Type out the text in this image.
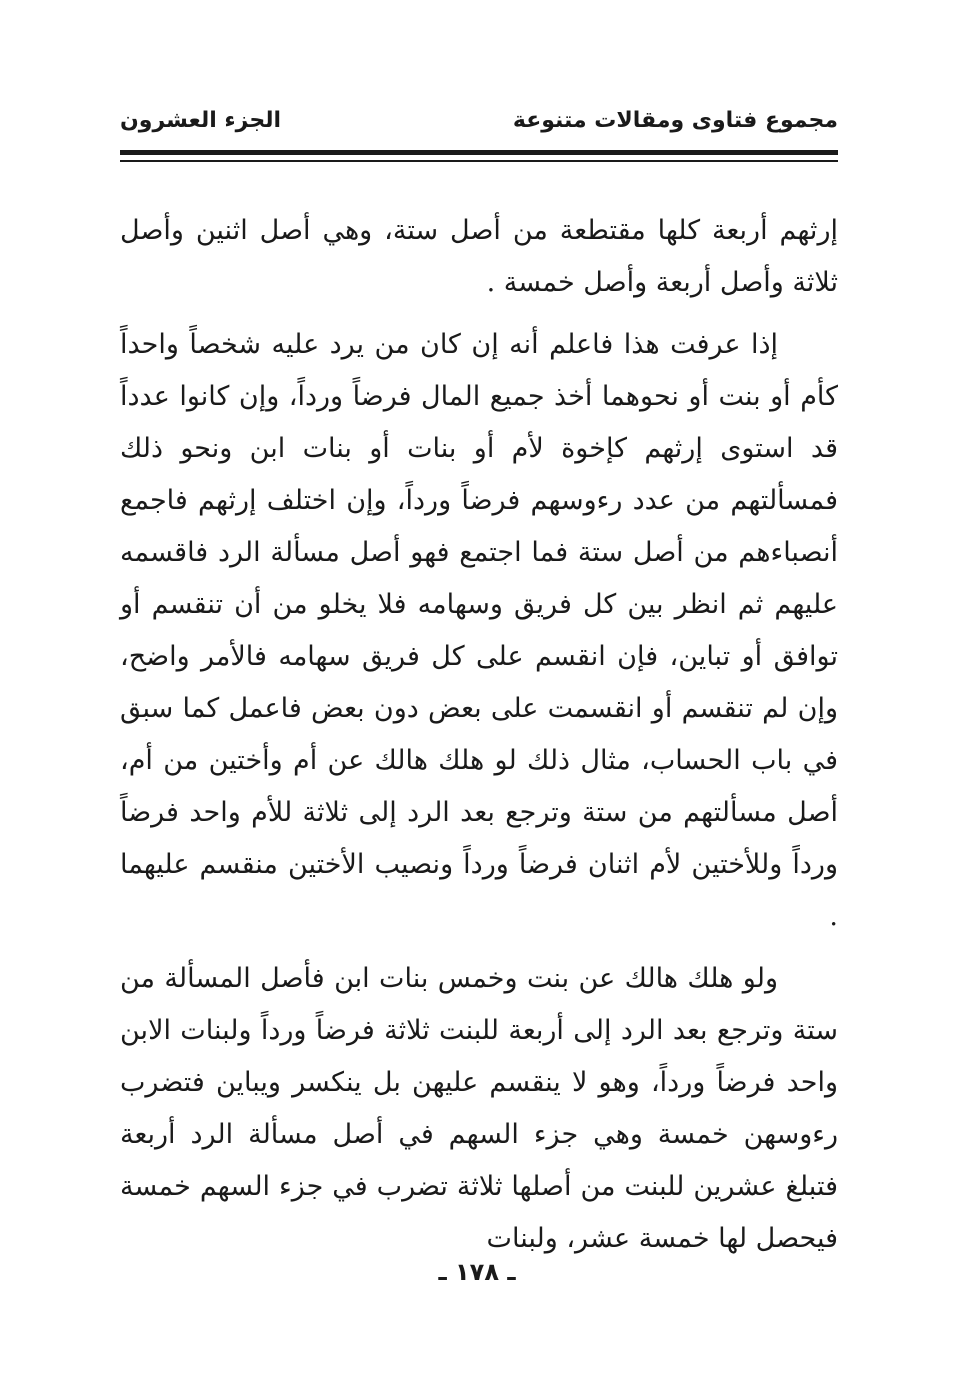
مجموع فتاوى ومقالات متنوعة
الجزء العشرون

إرثهم أربعة كلها مقتطعة من أصل ستة، وهي أصل اثنين وأصل ثلاثة وأصل أربعة وأصل خمسة .

إذا عرفت هذا فاعلم أنه إن كان من يرد عليه شخصاً واحداً كأم أو بنت أو نحوهما أخذ جميع المال فرضاً ورداً، وإن كانوا عدداً قد استوى إرثهم كإخوة لأم أو بنات أو بنات ابن ونحو ذلك فمسألتهم من عدد رءوسهم فرضاً ورداً، وإن اختلف إرثهم فاجمع أنصباءهم من أصل ستة فما اجتمع فهو أصل مسألة الرد فاقسمه عليهم ثم انظر بين كل فريق وسهامه فلا يخلو من أن تنقسم أو توافق أو تباين، فإن انقسم على كل فريق سهامه فالأمر واضح، وإن لم تنقسم أو انقسمت على بعض دون بعض فاعمل كما سبق في باب الحساب، مثال ذلك لو هلك هالك عن أم وأختين من أم، أصل مسألتهم من ستة وترجع بعد الرد إلى ثلاثة للأم واحد فرضاً ورداً وللأختين لأم اثنان فرضاً ورداً ونصيب الأختين منقسم عليهما .

ولو هلك هالك عن بنت وخمس بنات ابن فأصل المسألة من ستة وترجع بعد الرد إلى أربعة للبنت ثلاثة فرضاً ورداً ولبنات الابن واحد فرضاً ورداً، وهو لا ينقسم عليهن بل ينكسر ويباين فتضرب رءوسهن خمسة وهي جزء السهم في أصل مسألة الرد أربعة فتبلغ عشرين للبنت من أصلها ثلاثة تضرب في جزء السهم خمسة فيحصل لها خمسة عشر، ولبنات

ـ ١٧٨ ـ
